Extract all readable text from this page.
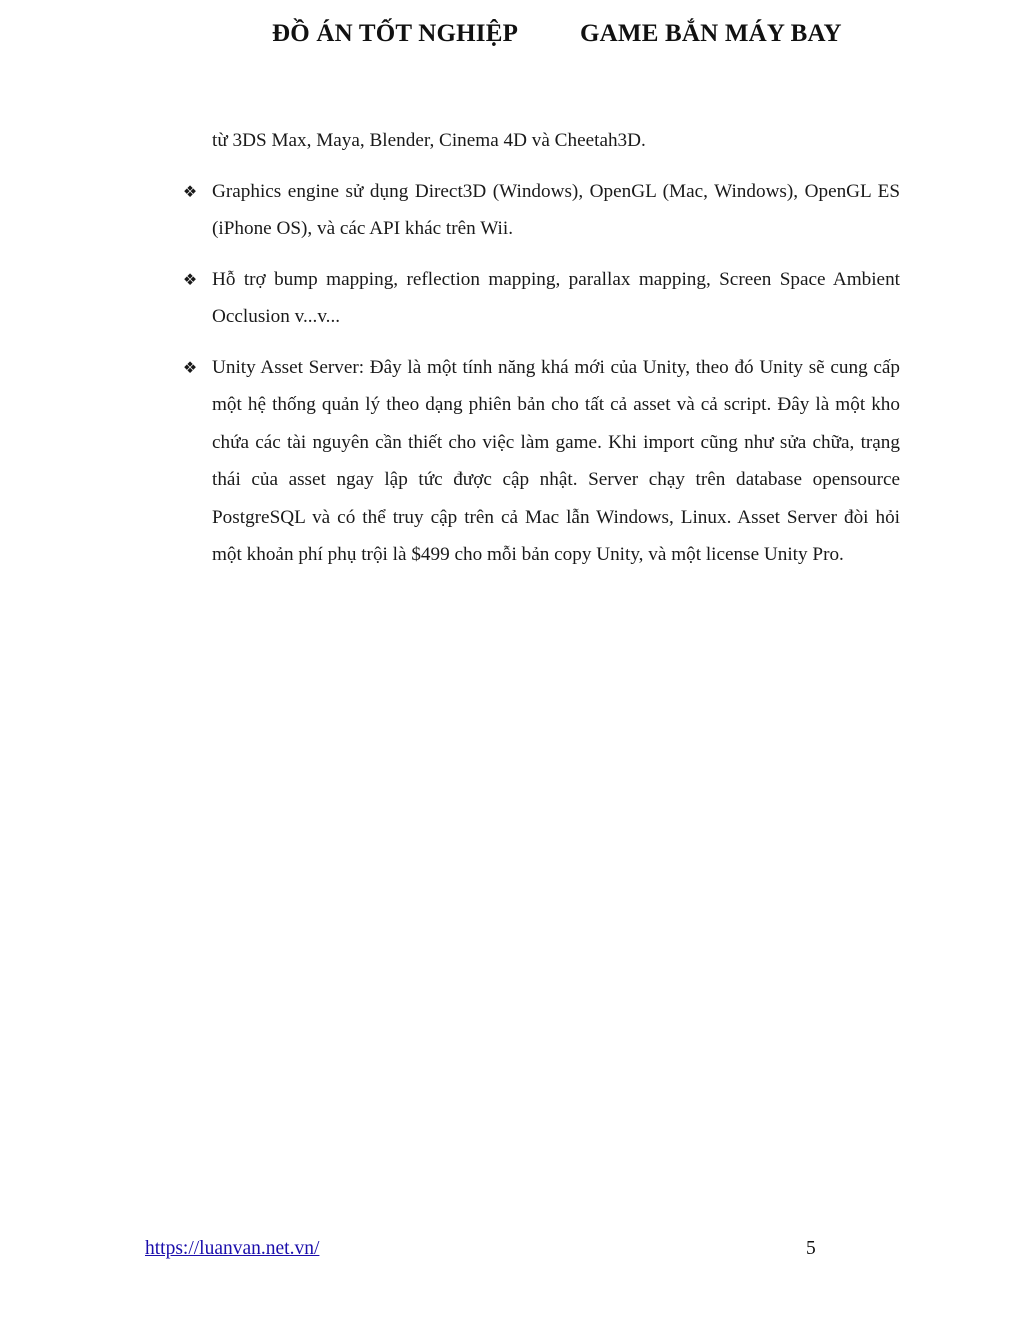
ĐỒ ÁN TỐT NGHIỆP GAME BẮN MÁY BAY

từ 3DS Max, Maya, Blender, Cinema 4D và Cheetah3D.

❖ Graphics engine sử dụng Direct3D (Windows), OpenGL (Mac, Windows), OpenGL ES (iPhone OS), và các API khác trên Wii.
❖ Hỗ trợ bump mapping, reflection mapping, parallax mapping, Screen Space Ambient Occlusion v...v...
❖ Unity Asset Server: Đây là một tính năng khá mới của Unity, theo đó Unity sẽ cung cấp một hệ thống quản lý theo dạng phiên bản cho tất cả asset và cả script. Đây là một kho chứa các tài nguyên cần thiết cho việc làm game. Khi import cũng như sửa chữa, trạng thái của asset ngay lập tức được cập nhật. Server chạy trên database opensource PostgreSQL và có thể truy cập trên cả Mac lẫn Windows, Linux. Asset Server đòi hỏi một khoản phí phụ trội là $499 cho mỗi bản copy Unity, và một license Unity Pro.
https://luanvan.net.vn/	5
